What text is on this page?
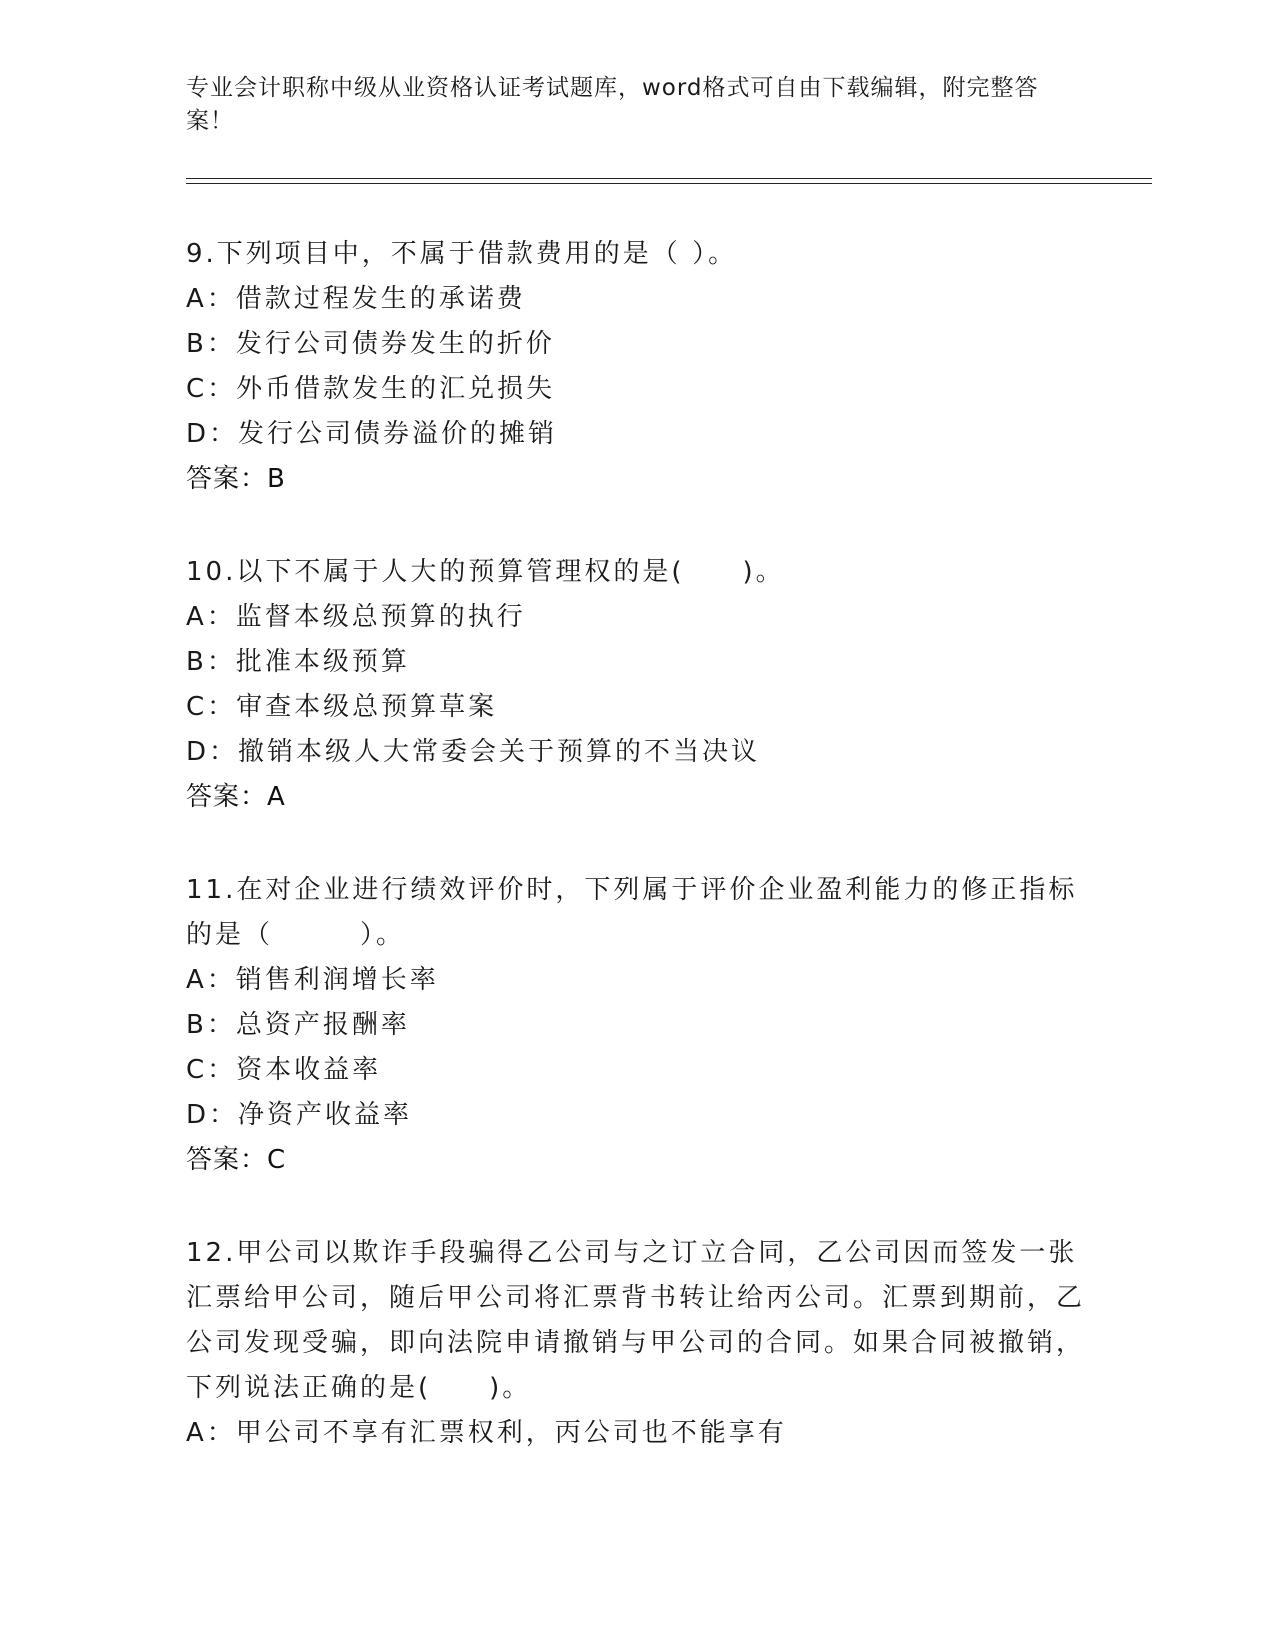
专业会计职称中级从业资格认证考试题库，word格式可自由下载编辑，附完整答案！

9.下列项目中，不属于借款费用的是（ ）。

A：借款过程发生的承诺费

B：发行公司债券发生的折价

C：外币借款发生的汇兑损失

D：发行公司债券溢价的摊销

答案：B

10.以下不属于人大的预算管理权的是(　　)。

A：监督本级总预算的执行

B：批准本级预算

C：审查本级总预算草案

D：撤销本级人大常委会关于预算的不当决议

答案：A

11.在对企业进行绩效评价时，下列属于评价企业盈利能力的修正指标的是（　　　）。

A：销售利润增长率

B：总资产报酬率

C：资本收益率

D：净资产收益率

答案：C

12.甲公司以欺诈手段骗得乙公司与之订立合同，乙公司因而签发一张汇票给甲公司，随后甲公司将汇票背书转让给丙公司。汇票到期前，乙公司发现受骗，即向法院申请撤销与甲公司的合同。如果合同被撤销，下列说法正确的是(　　)。

A：甲公司不享有汇票权利，丙公司也不能享有
